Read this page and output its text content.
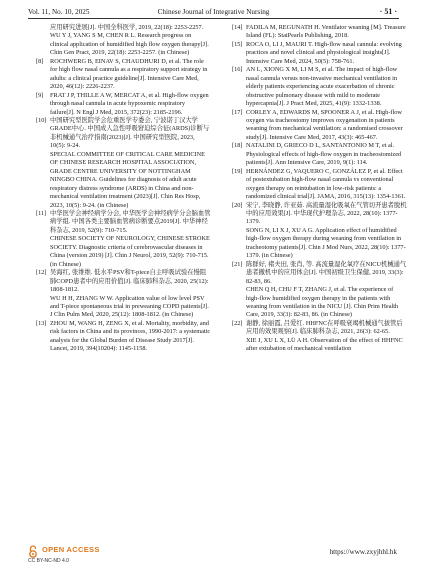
Vol. 11, No. 10, 2025	Chinese Journal of Integrative Nursing	· 51 ·

应用研究进展[J]. 中国全科医学, 2019, 22(18): 2253-2257.

WU Y J, YANG S M, CHEN R L. Research progress on clinical application of humidified high flow oxygen therapy[J]. Chin Gen Pract, 2019, 22(18): 2253-2257. (in Chinese)

[8] ROCHWERG B, EINAV S, CHAUDHURI D, et al. The role for high flow nasal cannula as a respiratory support strategy in adults: a clinical practice guideline[J]. Intensive Care Med, 2020, 46(12): 2226-2237.

[9] FRAT J P, THILLE A W, MERCAT A, et al. High-flow oxygen through nasal cannula in acute hypoxemic respiratory failure[J]. N Engl J Med, 2015, 372(23): 2185-2196.

[10] 中国研究型医院学会危重医学专委会, 宁波诺丁汉大学GRADE中心. 中国成人急性呼吸窘迫综合征(ARDS)诊断与非机械通气治疗指南(2023)[J]. 中国研究型医院, 2023, 10(5): 9-24.

SPECIAL COMMITTEE OF CRITICAL CARE MEDICINE OF CHINESE RESEARCH HOSPITAL ASSOCIATION, GRADE CENTRE UNIVERSITY OF NOTTINGHAM NINGBO CHINA. Guidelines for diagnosis of adult acute respiratory distress syndrome (ARDS) in China and non-mechanical ventilation treatment (2023)[J]. Chin Res Hosp, 2023, 10(5): 9-24. (in Chinese)

[11] 中华医学会神经病学分会, 中华医学会神经病学分会脑血管病学组. 中国各类主要脑血管病诊断要点2019[J]. 中华神经科杂志, 2019, 52(9): 710-715.

CHINESE SOCIETY OF NEUROLOGY, CHINESE STROKE SOCIETY. Diagnostic criteria of cerebrovascular diseases in China (version 2019) [J]. Chin J Neurol, 2019, 52(9): 710-715. (in Chinese)

[12] 吴海红, 张维维. 低水平PSV和T-piece自主呼吸试验在慢阻肺COPD患者中的应用价值[J]. 临床肺科杂志, 2020, 25(12): 1808-1812.

WU H H, ZHANG W W. Application value of low level PSV and T-piece spontaneous trial in preweaning COPD patients[J]. J Clin Pulm Med, 2020, 25(12): 1808-1812. (in Chinese)

[13] ZHOU M, WANG H, ZENG X, et al. Mortality, morbidity, and risk factors in China and its provinces, 1990-2017: a systematic analysis for the Global Burden of Disease Study 2017[J]. Lancet, 2019, 394(10204): 1145-1158.

[14] FADILA M, REGUNATH H. Ventilator weaning [M]. Treasure Island (FL): StatPearls Publishing, 2018.

[15] ROCA O, LI J, MAURI T. High-flow nasal cannula: evolving practices and novel clinical and physiological insights[J]. Intensive Care Med, 2024, 50(5): 758-761.

[16] AN L, XIONG X M, LI M S, et al. The impact of high-flow nasal cannula versus non-invasive mechanical ventilation in elderly patients experiencing acute exacerbation of chronic obstructive pulmonary disease with mild to moderate hypercapnia[J]. J Pract Med, 2025, 41(9): 1332-1338.

[17] CORLEY A, EDWARDS M, SPOONER A J, et al. High-flow oxygen via tracheostomy improves oxygenation in patients weaning from mechanical ventilation: a randomised crossover study[J]. Intensive Care Med, 2017, 43(3): 465-467.

[18] NATALINI D, GRIECO D L, SANTANTONIO M T, et al. Physiological effects of high-flow oxygen in tracheostomized patients[J]. Ann Intensive Care, 2019, 9(1): 114.

[19] HERNÁNDEZ G, VAQUERO C, GONZÁLEZ P, et al. Effect of postextubation high-flow nasal cannula vs conventional oxygen therapy on reintubation in low-risk patients: a randomized clinical trial[J]. JAMA, 2016, 315(13): 1354-1361.

[20] 宋宁, 李晓静, 许亚茹. 高流量湿化吸氧在气管切开患者脱机中的应用效果[J]. 中华现代护理杂志, 2022, 28(10): 1377-1379.

SONG N, LI X J, XU A G. Application effect of humidified high-flow oxygen therapy during weaning from ventilation in tracheotomy patients[J]. Chin J Mod Nurs, 2022, 28(10): 1377-1379. (in Chinese)

[21] 陈群好, 褚夫田, 张肖, 等. 高流量湿化氧疗在NICU机械通气患者撤机中的应用体会[J]. 中国初级卫生保健, 2019, 33(3): 82-83, 86.

CHEN Q H, CHU F T, ZHANG J, et al. The experience of high-flow humidified oxygen therapy in the patients with weaning from ventilation in the NICU [J]. Chin Prim Health Care, 2019, 33(3): 82-83, 86. (in Chinese)

[22] 谢静, 徐丽霞, 吕爱红. HHFNC在呼吸衰竭机械通气拔管后应用的效果观察[J]. 临床肺科杂志, 2021, 26(3): 62-65.

XIE J, XU L X, LÜ A H. Observation of the effect of HHFNC after extubation of mechanical ventilation

OPEN ACCESS
CC BY-NC-ND 4.0
https://www.zxyjhhl.hk
